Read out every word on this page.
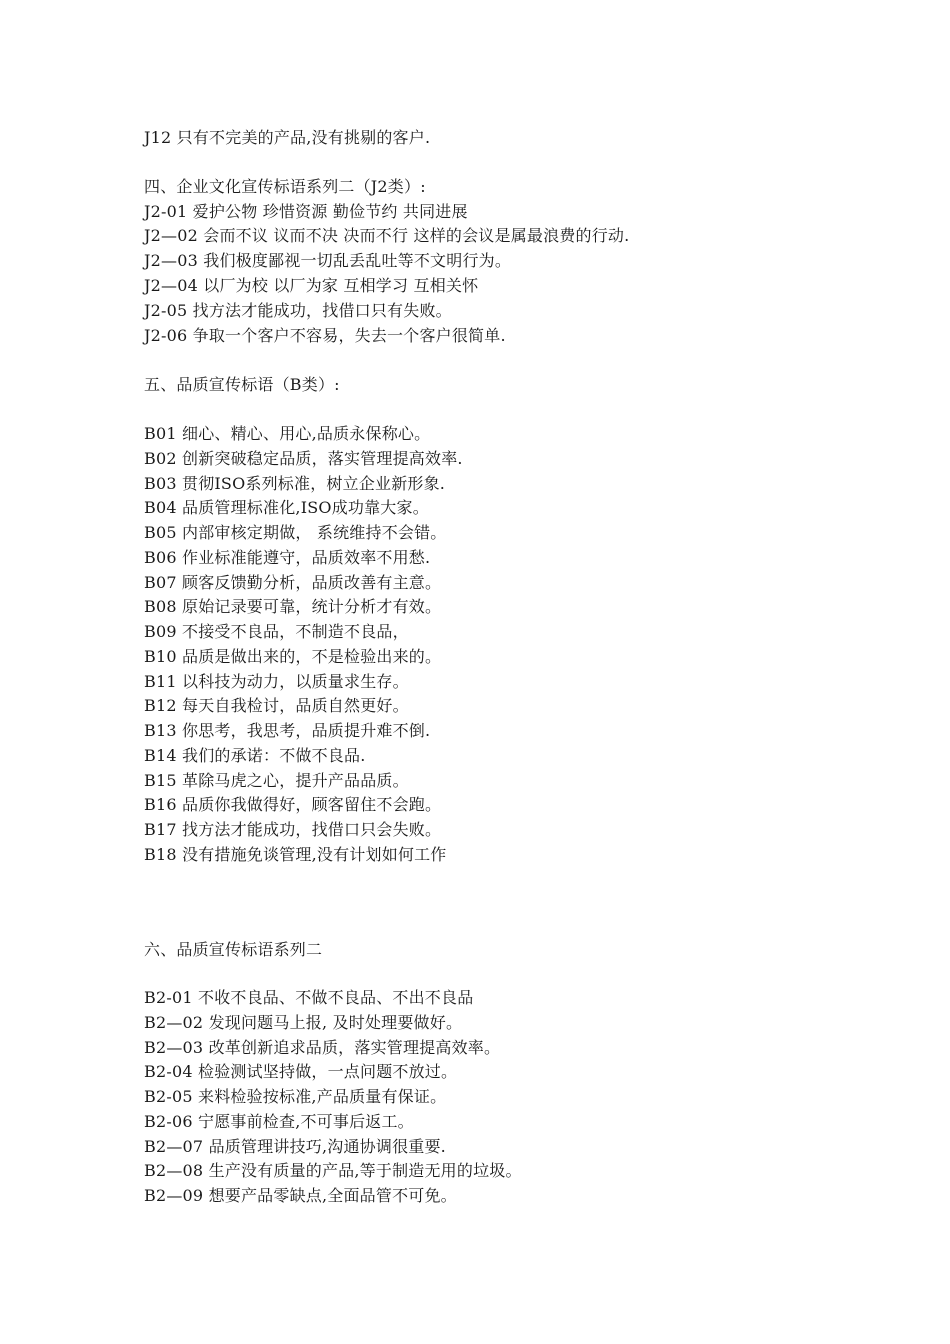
J12 只有不完美的产品,没有挑剔的客户.
四、企业文化宣传标语系列二（J2类）:
J2-01 爱护公物 珍惜资源 勤俭节约 共同进展
J2—02 会而不议 议而不决 决而不行 这样的会议是属最浪费的行动.
J2—03 我们极度鄙视一切乱丢乱吐等不文明行为。
J2—04 以厂为校 以厂为家 互相学习 互相关怀
J2-05 找方法才能成功，找借口只有失败。
J2-06 争取一个客户不容易，失去一个客户很简单.
五、品质宣传标语（B类）:
B01 细心、精心、用心,品质永保称心。
B02 创新突破稳定品质，落实管理提高效率.
B03 贯彻ISO系列标准，树立企业新形象.
B04 品质管理标准化,ISO成功靠大家。
B05 内部审核定期做， 系统维持不会错。
B06 作业标准能遵守，品质效率不用愁.
B07 顾客反馈勤分析，品质改善有主意。
B08 原始记录要可靠，统计分析才有效。
B09 不接受不良品，不制造不良品，
B10 品质是做出来的，不是检验出来的。
B11 以科技为动力，以质量求生存。
B12 每天自我检讨，品质自然更好。
B13 你思考，我思考，品质提升难不倒.
B14 我们的承诺：不做不良品.
B15 革除马虎之心，提升产品品质。
B16 品质你我做得好，顾客留住不会跑。
B17 找方法才能成功，找借口只会失败。
B18 没有措施免谈管理,没有计划如何工作
六、品质宣传标语系列二
B2-01 不收不良品、不做不良品、不出不良品
B2—02 发现问题马上报, 及时处理要做好。
B2—03 改革创新追求品质，落实管理提高效率。
B2-04 检验测试坚持做，一点问题不放过。
B2-05 来料检验按标准,产品质量有保证。
B2-06 宁愿事前检查,不可事后返工。
B2—07 品质管理讲技巧,沟通协调很重要.
B2—08 生产没有质量的产品,等于制造无用的垃圾。
B2—09 想要产品零缺点,全面品管不可免。
